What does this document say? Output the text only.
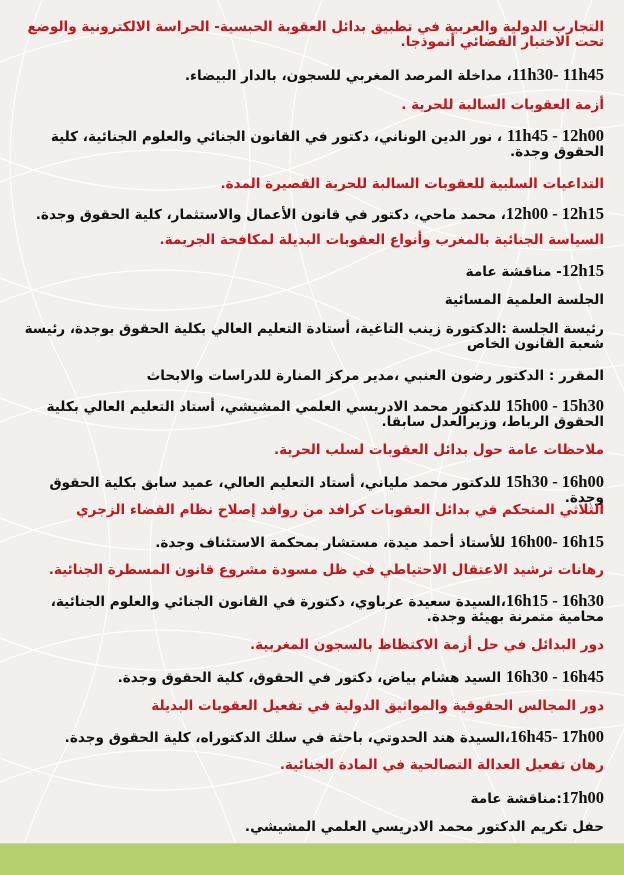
التجارب الدولية والعربية في تطبيق بدائل العقوبة الحبسية- الحراسة الالكترونية والوضع تحت الاختبار القضائي أنموذجا.
11h30- 11h45، مداخلة المرصد المغربي للسجون، بالدار البيضاء.
أزمة العقوبات السالبة للحرية .
11h45 - 12h00 ، نور الدين الوناني، دكتور في القانون الجنائي والعلوم الجنائية، كلية الحقوق وجدة.
التداعيات السلبية للعقوبات السالبة للحرية القصيرة المدة.
12h00 - 12h15، محمد ماحي، دكتور في قانون الأعمال والاستثمار، كلية الحقوق وجدة.
السياسة الجنائية بالمغرب وأنواع العقوبات البديلة لمكافحة الجريمة.
12h15- مناقشة عامة
الجلسة العلمية المسائية
رئيسة الجلسة :الدكتورة زينب التاغية، أستادة التعليم العالي بكلية الحقوق بوجدة، رئيسة شعبة القانون الخاص
المقرر : الدكتور رضون العنبي ،مدير مركز المنارة للدراسات والابحاث
15h00 - 15h30 للدكتور محمد الادريسي العلمي المشيشي، أستاد التعليم العالي بكلية الحقوق الرباط، وزيرالعدل سابقا.
ملاحظات عامة حول بدائل العقوبات لسلب الحرية.
15h30 - 16h00 للدكتور محمد ملياني، أستاد التعليم العالي، عميد سابق بكلية الحقوق وجدة.
الثلاثي المتحكم في بدائل العقوبات كرافد من روافد إصلاح نظام القضاء الزجري
16h00- 16h15 للأستاذ أحمد ميدة، مستشار بمحكمة الاستئناف وجدة.
رهانات ترشيد الاعتقال الاحتياطي في ظل مسودة مشروع قانون المسطرة الجنائية.
16h15 - 16h30،السيدة سعيدة عرباوي، دكتورة في القانون الجنائي والعلوم الجنائية، محامية متمرنة بهيئة وجدة.
دور البدائل في حل أزمة الاكتظاظ بالسجون المغربية.
16h30 - 16h45 السيد هشام بياض، دكتور في الحقوق، كلية الحقوق وجدة.
دور المجالس الحقوقية والمواثيق الدولية في تفعيل العقوبات البديلة
16h45- 17h00،السيدة هند الحدوتي، باحثة في سلك الدكتوراه، كلية الحقوق وجدة.
رهان تفعيل العدالة التصالحية في المادة الجنائية.
17h00:مناقشة عامة
حفل تكريم الدكتور محمد الادريسي العلمي المشيشي.
